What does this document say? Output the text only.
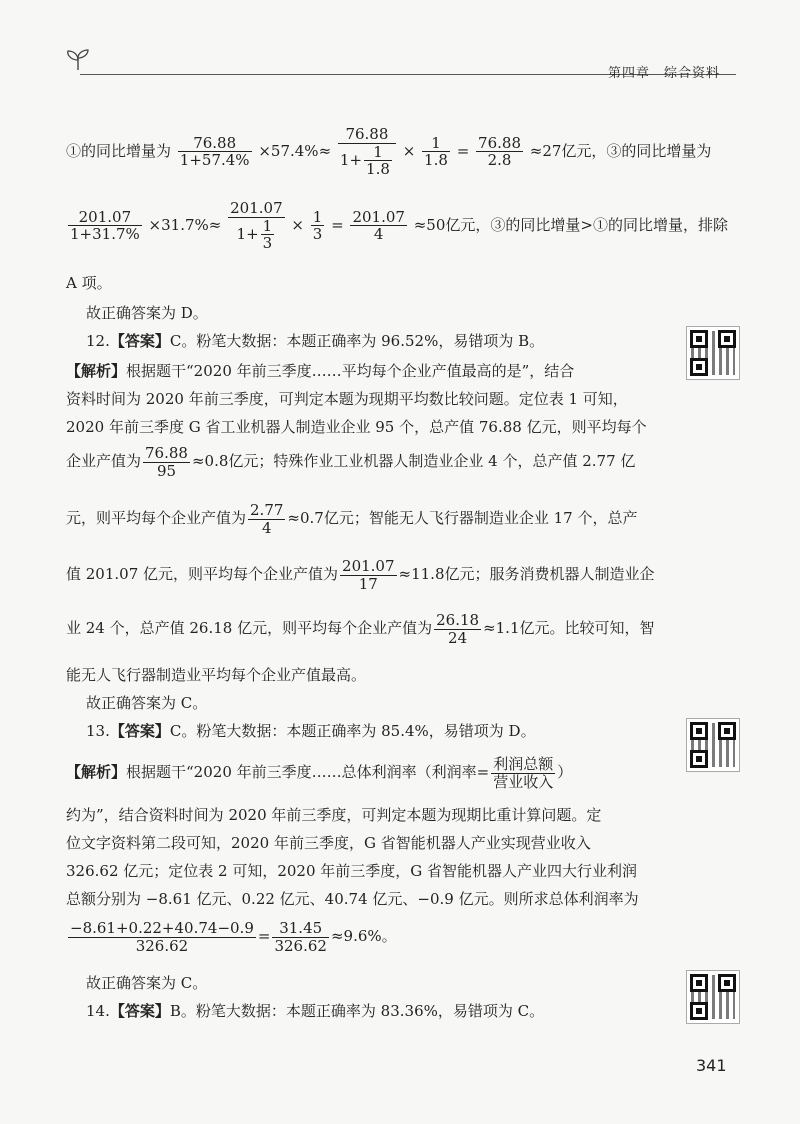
第四章 综合资料
①的同比增量为 $\frac{76.88}{1+57.4\%} \times 57.4\%\approx \frac{76.88}{1+ \frac{1}{1.8}} \times \frac{1}{1.8} = \frac{76.88}{2.8} \approx 27$亿元，③的同比增量为
$\frac{201.07}{1+31.7\%} \times 31.7\%\approx \frac{201.07}{1+ \frac{1}{3}} \times \frac{1}{3} = \frac{201.07}{4} \approx 50$亿元，③的同比增量>①的同比增量，排除
A 项。
故正确答案为 D。
12.【答案】C。粉笔大数据：本题正确率为 96.52%，易错项为 B。
【解析】根据题干“2020 年前三季度……平均每个企业产值最高的是”，结合
资料时间为 2020 年前三季度，可判定本题为现期平均数比较问题。定位表 1 可知，
2020 年前三季度 G 省工业机器人制造业企业 95 个，总产值 76.88 亿元，则平均每个
企业产值为 $\frac{76.88}{95} \approx 0.8$亿元；特殊作业工业机器人制造业企业 4 个，总产值 2.77 亿
元，则平均每个企业产值为 $\frac{2.77}{4} \approx 0.7$亿元；智能无人飞行器制造业企业 17 个，总产
值 201.07 亿元，则平均每个企业产值为 $\frac{201.07}{17} \approx 11.8$亿元；服务消费机器人制造业企
业 24 个，总产值 26.18 亿元，则平均每个企业产值为 $\frac{26.18}{24} \approx 1.1$亿元。比较可知，智
能无人飞行器制造业平均每个企业产值最高。
故正确答案为 C。
13.【答案】C。粉笔大数据：本题正确率为 85.4%，易错项为 D。
【解析】根据题干“2020 年前三季度……总体利润率（利润率= $\frac{\text{利润总额}}{\text{营业收入}}$ ）
约为”，结合资料时间为 2020 年前三季度，可判定本题为现期比重计算问题。定
位文字资料第二段可知，2020 年前三季度，G 省智能机器人产业实现营业收入
326.62 亿元；定位表 2 可知，2020 年前三季度，G 省智能机器人产业四大行业利润
总额分别为 −8.61 亿元、0.22 亿元、40.74 亿元、−0.9 亿元。则所求总体利润率为
$\frac{-8.61+0.22+40.74-0.9}{326.62} = \frac{31.45}{326.62} \approx 9.6\%$。
故正确答案为 C。
14.【答案】B。粉笔大数据：本题正确率为 83.36%，易错项为 C。
341
